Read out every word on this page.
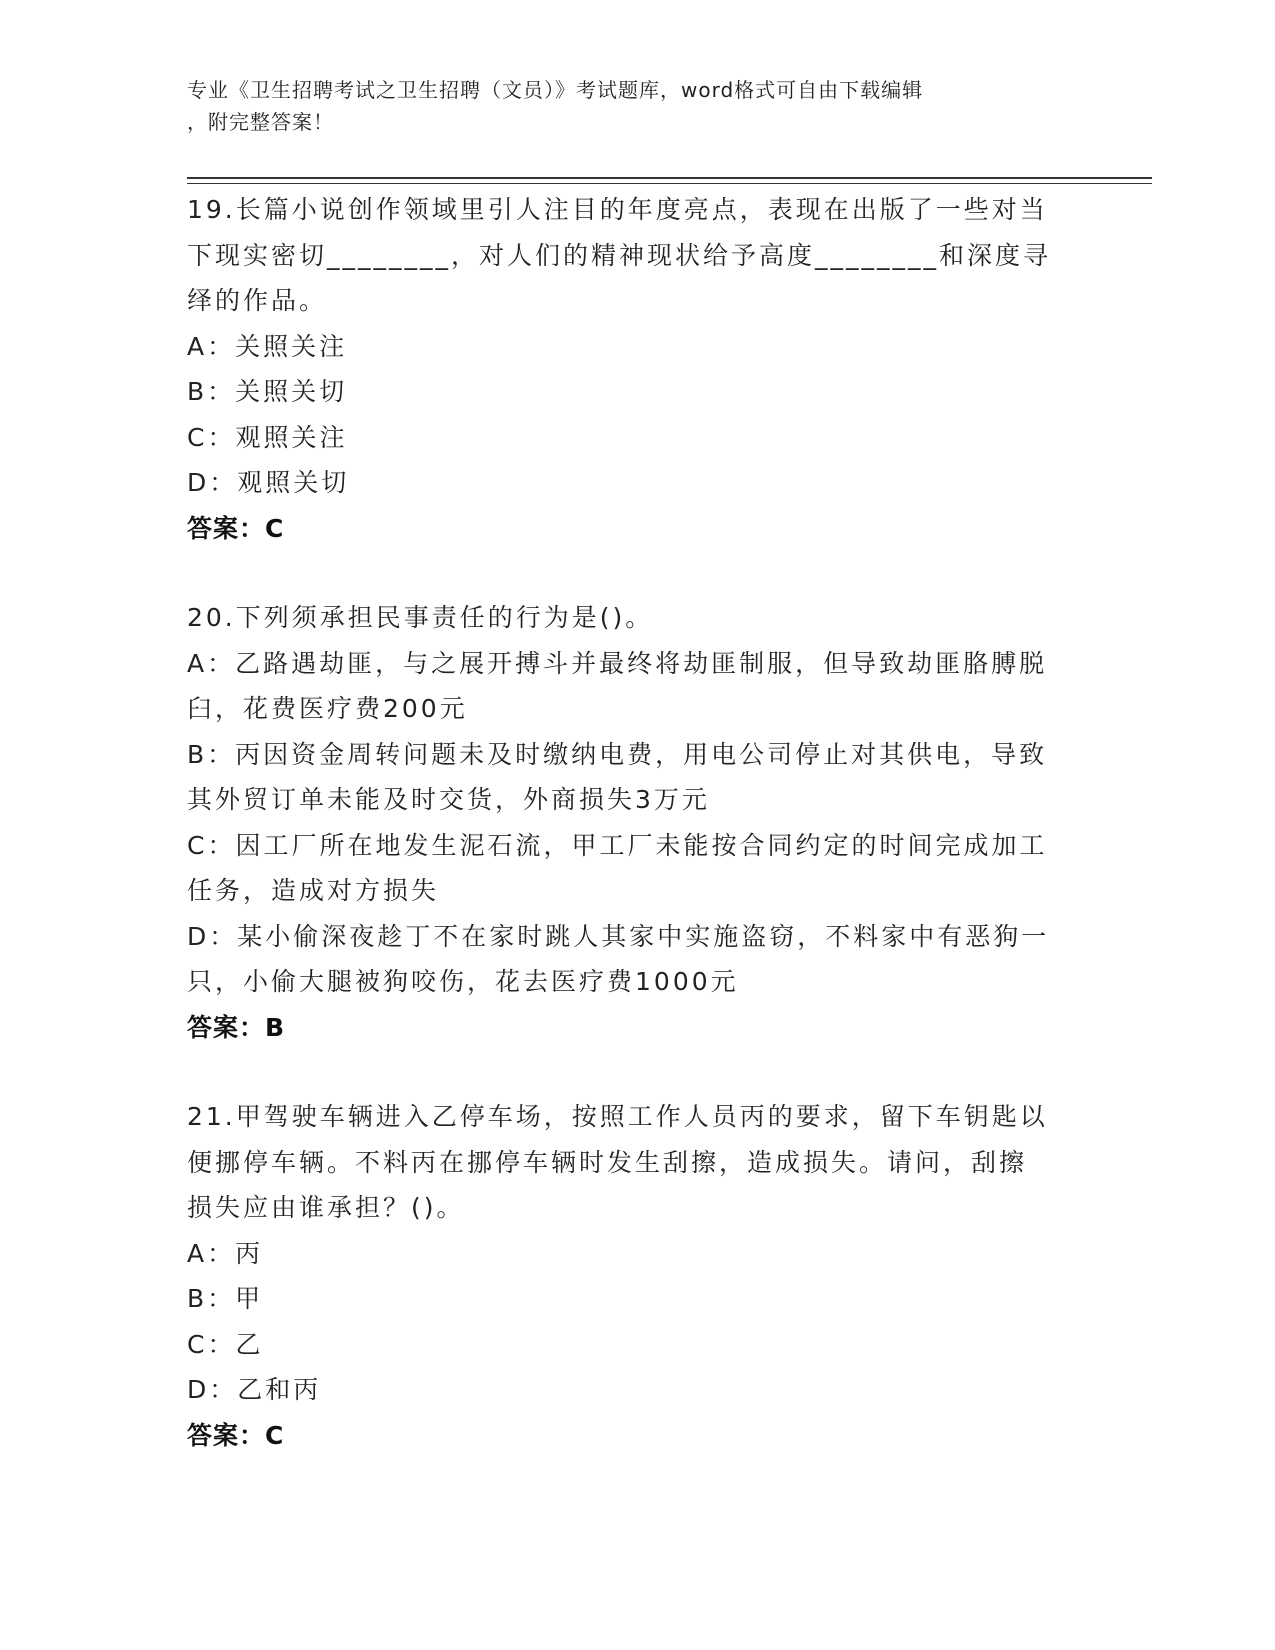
专业《卫生招聘考试之卫生招聘（文员）》考试题库，word格式可自由下载编辑
，附完整答案！
19.长篇小说创作领域里引人注目的年度亮点，表现在出版了一些对当
下现实密切________，对人们的精神现状给予高度________和深度寻
绎的作品。
A：关照关注
B：关照关切
C：观照关注
D：观照关切
答案：C
20.下列须承担民事责任的行为是()。
A：乙路遇劫匪，与之展开搏斗并最终将劫匪制服，但导致劫匪胳膊脱
臼，花费医疗费200元
B：丙因资金周转问题未及时缴纳电费，用电公司停止对其供电，导致
其外贸订单未能及时交货，外商损失3万元
C：因工厂所在地发生泥石流，甲工厂未能按合同约定的时间完成加工
任务，造成对方损失
D：某小偷深夜趁丁不在家时跳人其家中实施盗窃，不料家中有恶狗一
只，小偷大腿被狗咬伤，花去医疗费1000元
答案：B
21.甲驾驶车辆进入乙停车场，按照工作人员丙的要求，留下车钥匙以
便挪停车辆。不料丙在挪停车辆时发生刮擦，造成损失。请问，刮擦
损失应由谁承担？()。
A：丙
B：甲
C：乙
D：乙和丙
答案：C
